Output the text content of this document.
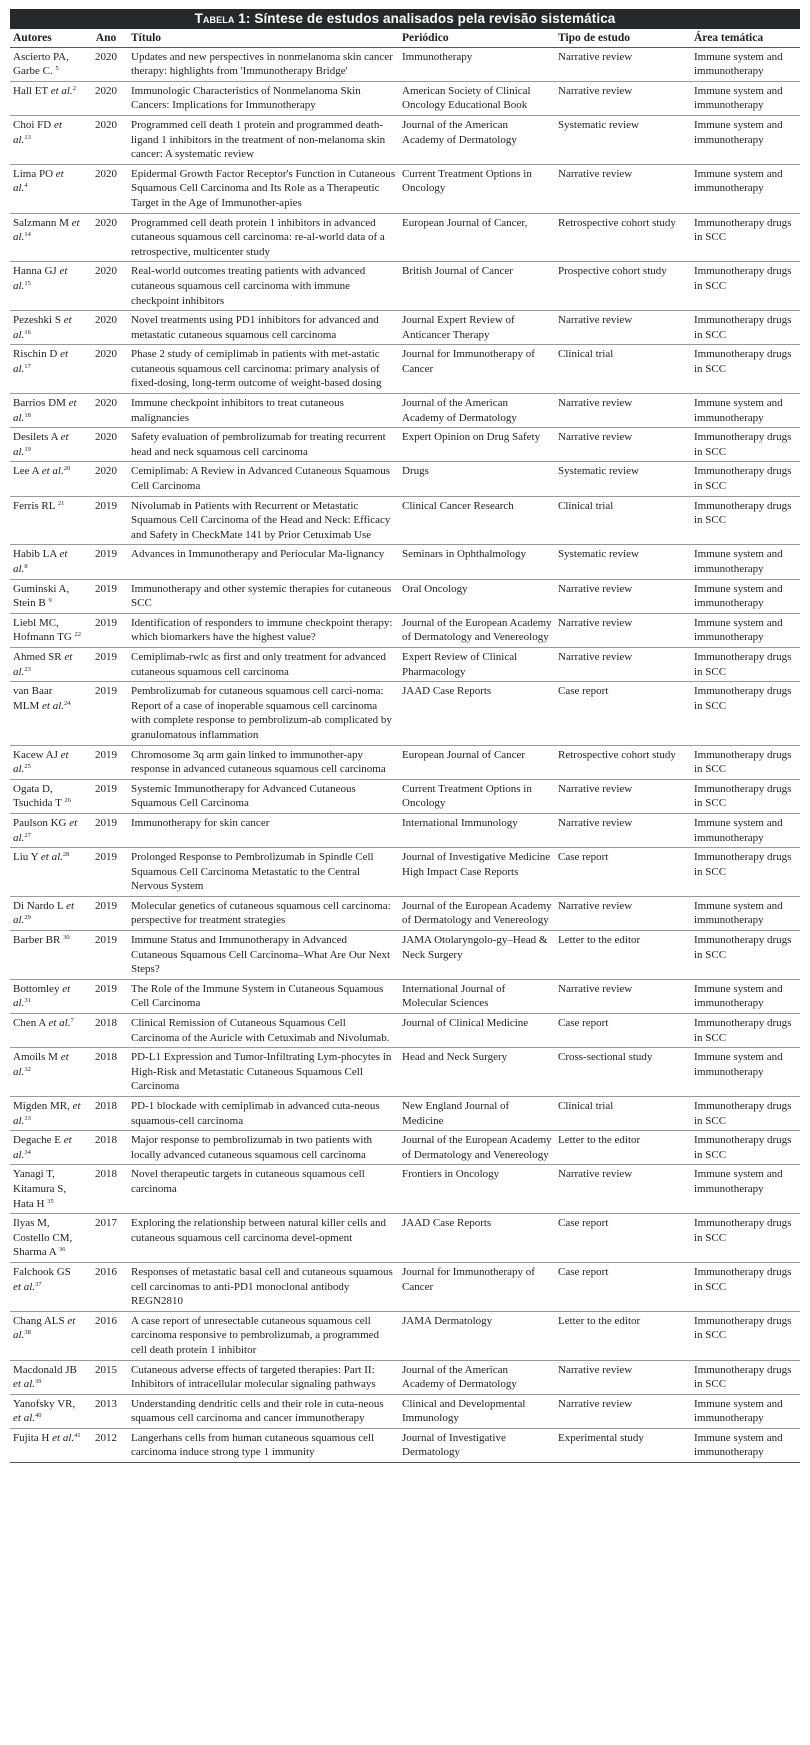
Tabela 1: Síntese de estudos analisados pela revisão sistemática
Autores	Ano	Título	Periódico	Tipo de estudo	Área temática
Ascierto PA, Garbe C. $^5$	2020	Updates and new perspectives in nonmelanoma skin cancer therapy: highlights from 'Immunotherapy Bridge'	Immunotherapy	Narrative review	Immune system and immunotherapy
Hall ET et al.$^2$	2020	Immunologic Characteristics of Nonmelanoma Skin Cancers: Implications for Immunotherapy	American Society of Clinical Oncology Educational Book	Narrative review	Immune system and immunotherapy
Choi FD et al.$^{13}$	2020	Programmed cell death 1 protein and programmed death-ligand 1 inhibitors in the treatment of non-melanoma skin cancer: A systematic review	Journal of the American Academy of Dermatology	Systematic review	Immune system and immunotherapy
Lima PO et al.$^4$	2020	Epidermal Growth Factor Receptor's Function in Cutaneous Squamous Cell Carcinoma and Its Role as a Therapeutic Target in the Age of Immunother-apies	Current Treatment Options in Oncology	Narrative review	Immune system and immunotherapy
Salzmann M et al.$^{14}$	2020	Programmed cell death protein 1 inhibitors in advanced cutaneous squamous cell carcinoma: re-al-world data of a retrospective, multicenter study	European Journal of Cancer,	Retrospective cohort study	Immunotherapy drugs in SCC
Hanna GJ et al.$^{15}$	2020	Real-world outcomes treating patients with advanced cutaneous squamous cell carcinoma with immune checkpoint inhibitors	British Journal of Cancer	Prospective cohort study	Immunotherapy drugs in SCC
Pezeshki S et al.$^{16}$	2020	Novel treatments using PD1 inhibitors for advanced and metastatic cutaneous squamous cell carcinoma	Journal Expert Review of Anticancer Therapy	Narrative review	Immunotherapy drugs in SCC
Rischin D et al.$^{17}$	2020	Phase 2 study of cemiplimab in patients with met-astatic cutaneous squamous cell carcinoma: primary analysis of fixed-dosing, long-term outcome of weight-based dosing	Journal for Immunotherapy of Cancer	Clinical trial	Immunotherapy drugs in SCC
Barrios DM et al.$^{18}$	2020	Immune checkpoint inhibitors to treat cutaneous malignancies	Journal of the American Academy of Dermatology	Narrative review	Immune system and immunotherapy
Desilets A et al.$^{19}$	2020	Safety evaluation of pembrolizumab for treating recurrent head and neck squamous cell carcinoma	Expert Opinion on Drug Safety	Narrative review	Immunotherapy drugs in SCC
Lee A et al.$^{20}$	2020	Cemiplimab: A Review in Advanced Cutaneous Squamous Cell Carcinoma	Drugs	Systematic review	Immunotherapy drugs in SCC
Ferris RL $^{21}$	2019	Nivolumab in Patients with Recurrent or Metastatic Squamous Cell Carcinoma of the Head and Neck: Efficacy and Safety in CheckMate 141 by Prior Cetuximab Use	Clinical Cancer Research	Clinical trial	Immunotherapy drugs in SCC
Habib LA et al.$^8$	2019	Advances in Immunotherapy and Periocular Ma-lignancy	Seminars in Ophthalmology	Systematic review	Immune system and immunotherapy
Guminski A, Stein B $^9$	2019	Immunotherapy and other systemic therapies for cutaneous SCC	Oral Oncology	Narrative review	Immune system and immunotherapy
Liebl MC, Hofmann TG $^{22}$	2019	Identification of responders to immune checkpoint therapy: which biomarkers have the highest value?	Journal of the European Academy of Dermatology and Venereology	Narrative review	Immune system and immunotherapy
Ahmed SR et al.$^{23}$	2019	Cemiplimab-rwlc as first and only treatment for advanced cutaneous squamous cell carcinoma	Expert Review of Clinical Pharmacology	Narrative review	Immunotherapy drugs in SCC
van Baar MLM et al.$^{24}$	2019	Pembrolizumab for cutaneous squamous cell carci-noma: Report of a case of inoperable squamous cell carcinoma with complete response to pembrolizum-ab complicated by granulomatous inflammation	JAAD Case Reports	Case report	Immunotherapy drugs in SCC
Kacew AJ et al.$^{25}$	2019	Chromosome 3q arm gain linked to immunother-apy response in advanced cutaneous squamous cell carcinoma	European Journal of Cancer	Retrospective cohort study	Immunotherapy drugs in SCC
Ogata D, Tsuchida T $^{26}$	2019	Systemic Immunotherapy for Advanced Cutaneous Squamous Cell Carcinoma	Current Treatment Options in Oncology	Narrative review	Immunotherapy drugs in SCC
Paulson KG et al.$^{27}$	2019	Immunotherapy for skin cancer	International Immunology	Narrative review	Immune system and immunotherapy
Liu Y et al.$^{28}$	2019	Prolonged Response to Pembrolizumab in Spindle Cell Squamous Cell Carcinoma Metastatic to the Central Nervous System	Journal of Investigative Medicine High Impact Case Reports	Case report	Immunotherapy drugs in SCC
Di Nardo L et al.$^{29}$	2019	Molecular genetics of cutaneous squamous cell carcinoma: perspective for treatment strategies	Journal of the European Academy of Dermatology and Venereology	Narrative review	Immune system and immunotherapy
Barber BR $^{30}$	2019	Immune Status and Immunotherapy in Advanced Cutaneous Squamous Cell Carcinoma–What Are Our Next Steps?	JAMA Otolaryngolo-gy–Head & Neck Surgery	Letter to the editor	Immunotherapy drugs in SCC
Bottomley et al.$^{31}$	2019	The Role of the Immune System in Cutaneous Squamous Cell Carcinoma	International Journal of Molecular Sciences	Narrative review	Immune system and immunotherapy
Chen A et al.$^7$	2018	Clinical Remission of Cutaneous Squamous Cell Carcinoma of the Auricle with Cetuximab and Nivolumab.	Journal of Clinical Medicine	Case report	Immunotherapy drugs in SCC
Amoils M et al.$^{32}$	2018	PD-L1 Expression and Tumor-Infiltrating Lym-phocytes in High-Risk and Metastatic Cutaneous Squamous Cell Carcinoma	Head and Neck Surgery	Cross-sectional study	Immune system and immunotherapy
Migden MR, et al.$^{33}$	2018	PD-1 blockade with cemiplimab in advanced cuta-neous squamous-cell carcinoma	New England Journal of Medicine	Clinical trial	Immunotherapy drugs in SCC
Degache E et al.$^{34}$	2018	Major response to pembrolizumab in two patients with locally advanced cutaneous squamous cell carcinoma	Journal of the European Academy of Dermatology and Venereology	Letter to the editor	Immunotherapy drugs in SCC
Yanagi T, Kitamura S, Hata H $^{35}$	2018	Novel therapeutic targets in cutaneous squamous cell carcinoma	Frontiers in Oncology	Narrative review	Immune system and immunotherapy
Ilyas M, Costello CM, Sharma A $^{36}$	2017	Exploring the relationship between natural killer cells and cutaneous squamous cell carcinoma devel-opment	JAAD Case Reports	Case report	Immunotherapy drugs in SCC
Falchook GS et al.$^{37}$	2016	Responses of metastatic basal cell and cutaneous squamous cell carcinomas to anti-PD1 monoclonal antibody REGN2810	Journal for Immunotherapy of Cancer	Case report	Immunotherapy drugs in SCC
Chang ALS et al.$^{38}$	2016	A case report of unresectable cutaneous squamous cell carcinoma responsive to pembrolizumab, a programmed cell death protein 1 inhibitor	JAMA Dermatology	Letter to the editor	Immunotherapy drugs in SCC
Macdonald JB et al.$^{39}$	2015	Cutaneous adverse effects of targeted therapies: Part II: Inhibitors of intracellular molecular signaling pathways	Journal of the American Academy of Dermatology	Narrative review	Immunotherapy drugs in SCC
Yanofsky VR, et al.$^{40}$	2013	Understanding dendritic cells and their role in cuta-neous squamous cell carcinoma and cancer immunotherapy	Clinical and Developmental Immunology	Narrative review	Immune system and immunotherapy
Fujita H et al.$^{41}$	2012	Langerhans cells from human cutaneous squamous cell carcinoma induce strong type 1 immunity	Journal of Investigative Dermatology	Experimental study	Immune system and immunotherapy
